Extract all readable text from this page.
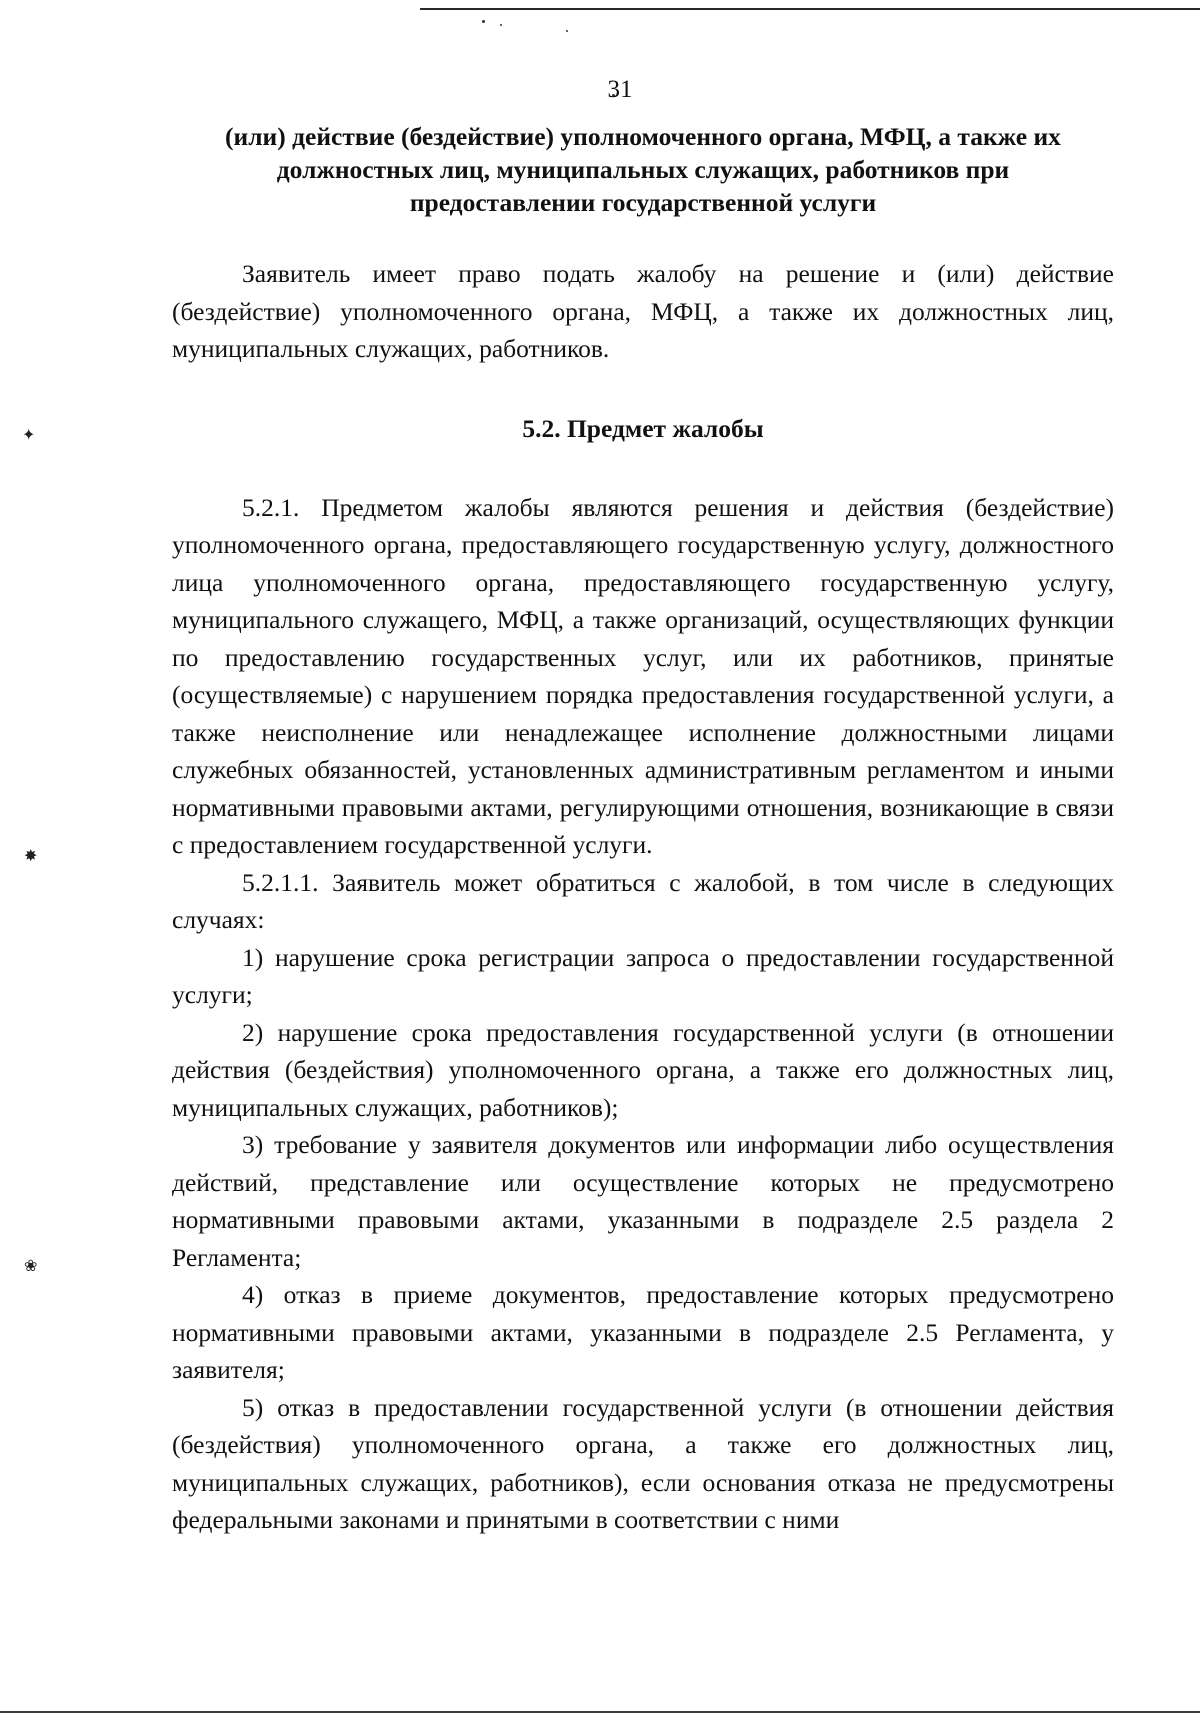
✦
✸
❀
31
(или) действие (бездействие) уполномоченного органа, МФЦ, а также их
должностных лиц, муниципальных служащих, работников при
предоставлении государственной услуги

Заявитель имеет право подать жалобу на решение и (или) действие (бездействие) уполномоченного органа, МФЦ, а также их должностных лиц, муниципальных служащих, работников.

5.2. Предмет жалобы

5.2.1. Предметом жалобы являются решения и действия (бездействие) уполномоченного органа, предоставляющего государственную услугу, должностного лица уполномоченного органа, предоставляющего государственную услугу, муниципального служащего, МФЦ, а также организаций, осуществляющих функции по предоставлению государственных услуг, или их работников, принятые (осуществляемые) с нарушением порядка предоставления государственной услуги, а также неисполнение или ненадлежащее исполнение должностными лицами служебных обязанностей, установленных административным регламентом и иными нормативными правовыми актами, регулирующими отношения, возникающие в связи с предоставлением государственной услуги.

5.2.1.1. Заявитель может обратиться с жалобой, в том числе в следующих случаях:

1) нарушение срока регистрации запроса о предоставлении государственной услуги;

2) нарушение срока предоставления государственной услуги (в отношении действия (бездействия) уполномоченного органа, а также его должностных лиц, муниципальных служащих, работников);

3) требование у заявителя документов или информации либо осуществления действий, представление или осуществление которых не предусмотрено нормативными правовыми актами, указанными в подразделе 2.5 раздела 2 Регламента;

4) отказ в приеме документов, предоставление которых предусмотрено нормативными правовыми актами, указанными в подразделе 2.5 Регламента, у заявителя;

5) отказ в предоставлении государственной услуги (в отношении действия (бездействия) уполномоченного органа, а также его должностных лиц, муниципальных служащих, работников), если основания отказа не предусмотрены федеральными законами и принятыми в соответствии с ними
